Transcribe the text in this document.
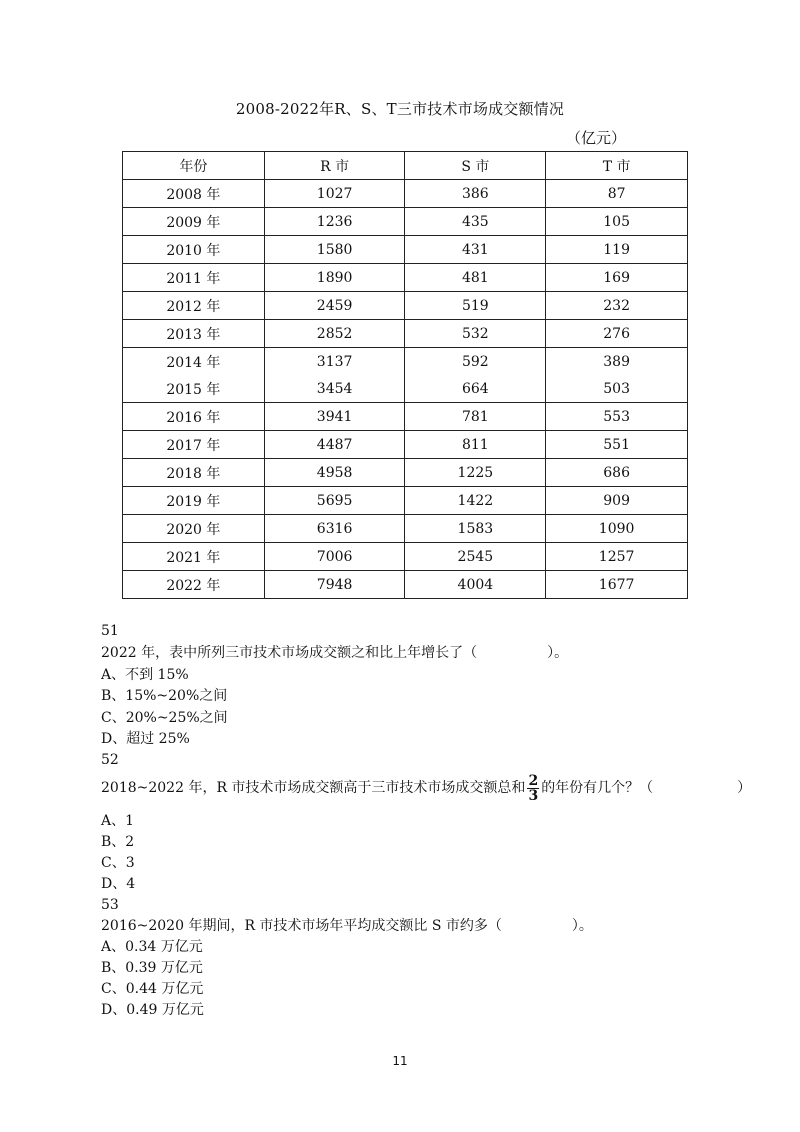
2008-2022年R、S、T三市技术市场成交额情况
（亿元）
年份	R 市	S 市	T 市
2008 年	1027	386	87
2009 年	1236	435	105
2010 年	1580	431	119
2011 年	1890	481	169
2012 年	2459	519	232
2013 年	2852	532	276
2014 年	3137	592	389
2015 年	3454	664	503
2016 年	3941	781	553
2017 年	4487	811	551
2018 年	4958	1225	686
2019 年	5695	1422	909
2020 年	6316	1583	1090
2021 年	7006	2545	1257
2022 年	7948	4004	1677
51
2022 年，表中所列三市技术市场成交额之和比上年增长了（　　　　　）。
A、不到 15%
B、15%~20%之间
C、20%~25%之间
D、超过 25%
52
2018~2022 年，R 市技术市场成交额高于三市技术市场成交额总和 $\frac{2}{3}$ 的年份有几个？（　　　　　　）
A、1
B、2
C、3
D、4
53
2016~2020 年期间，R 市技术市场年平均成交额比 S 市约多（　　　　　）。
A、0.34 万亿元
B、0.39 万亿元
C、0.44 万亿元
D、0.49 万亿元
11
